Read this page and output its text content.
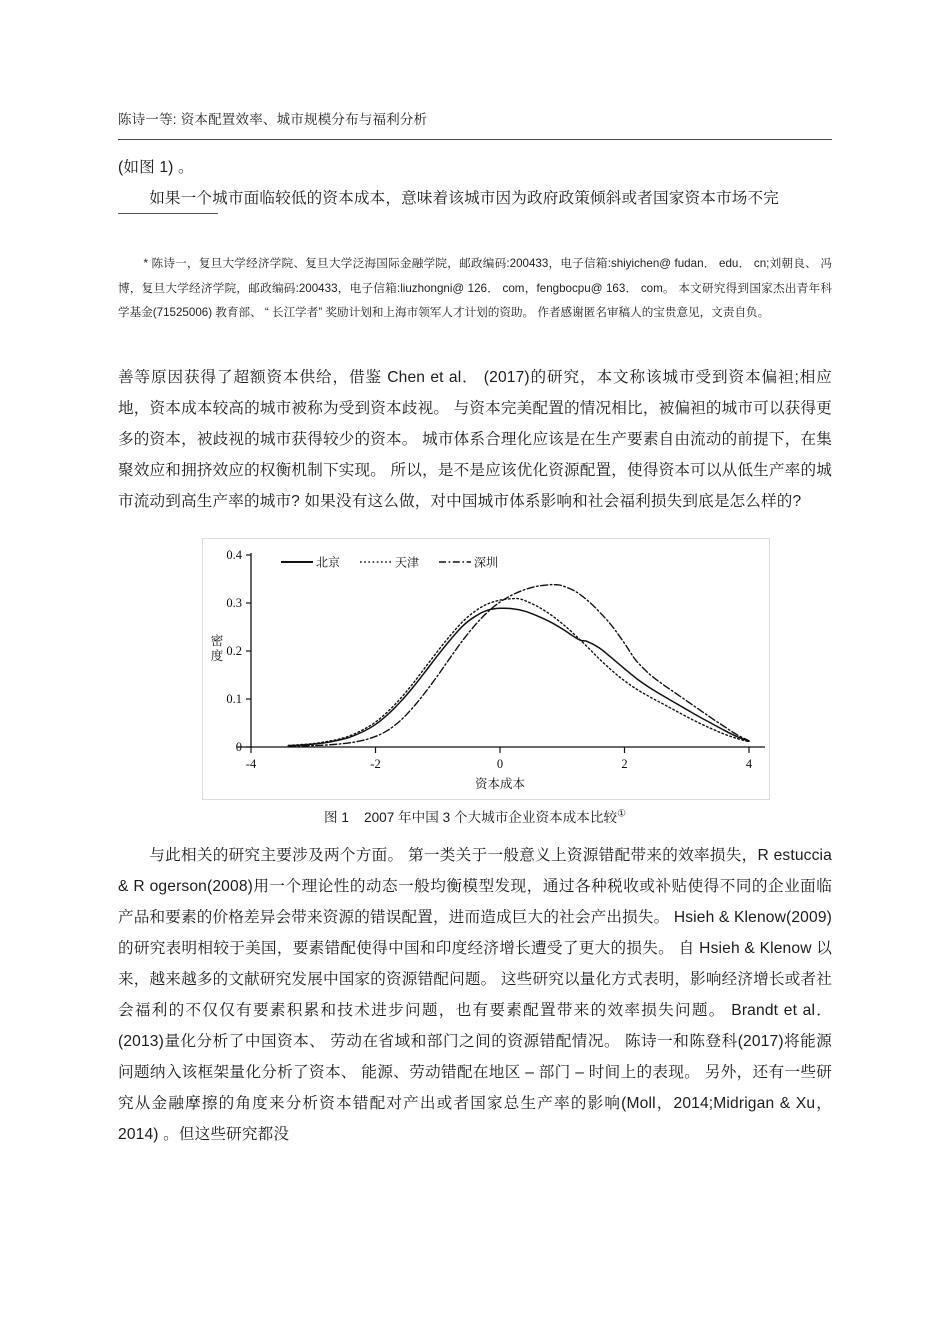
陈诗一等: 资本配置效率、城市规模分布与福利分析
(如图 1) 。
如果一个城市面临较低的资本成本，意味着该城市因为政府政策倾斜或者国家资本市场不完
* 陈诗一，复旦大学经济学院、复旦大学泛海国际金融学院，邮政编码:200433，电子信箱:shiyichen@ fudan． edu． cn;刘朝良、 冯博，复旦大学经济学院，邮政编码:200433，电子信箱:liuzhongni@ 126． com，fengbocpu@ 163． com。 本文研究得到国家杰出青年科学基金(71525006) 教育部、 “ 长江学者” 奖励计划和上海市领军人才计划的资助。 作者感谢匿名审稿人的宝贵意见，文责自负。
善等原因获得了超额资本供给，借鉴 Chen et al． (2017)的研究，本文称该城市受到资本偏袒;相应地，资本成本较高的城市被称为受到资本歧视。 与资本完美配置的情况相比，被偏袒的城市可以获得更多的资本，被歧视的城市获得较少的资本。 城市体系合理化应该是在生产要素自由流动的前提下，在集聚效应和拥挤效应的权衡机制下实现。 所以，是不是应该优化资源配置，使得资本可以从低生产率的城市流动到高生产率的城市? 如果没有这么做，对中国城市体系影响和社会福利损失到底是怎么样的?
0
0.1
0.2
0.3
0.4
-4	-2	0	2	4
资本成本
密
度
北京	天津	深圳
图 1 2007 年中国 3 个大城市企业资本成本比较①
与此相关的研究主要涉及两个方面。 第一类关于一般意义上资源错配带来的效率损失，R estuccia & R ogerson(2008)用一个理论性的动态一般均衡模型发现，通过各种税收或补贴使得不同的企业面临产品和要素的价格差异会带来资源的错误配置，进而造成巨大的社会产出损失。 Hsieh & Klenow(2009)的研究表明相较于美国，要素错配使得中国和印度经济增长遭受了更大的损失。 自 Hsieh & Klenow 以来，越来越多的文献研究发展中国家的资源错配问题。 这些研究以量化方式表明，影响经济增长或者社会福利的不仅仅有要素积累和技术进步问题，也有要素配置带来的效率损失问题。 Brandt et al． (2013)量化分析了中国资本、 劳动在省域和部门之间的资源错配情况。 陈诗一和陈登科(2017)将能源问题纳入该框架量化分析了资本、 能源、劳动错配在地区 – 部门 – 时间上的表现。 另外，还有一些研究从金融摩擦的角度来分析资本错配对产出或者国家总生产率的影响(Moll，2014;Midrigan & Xu，2014) 。但这些研究都没
